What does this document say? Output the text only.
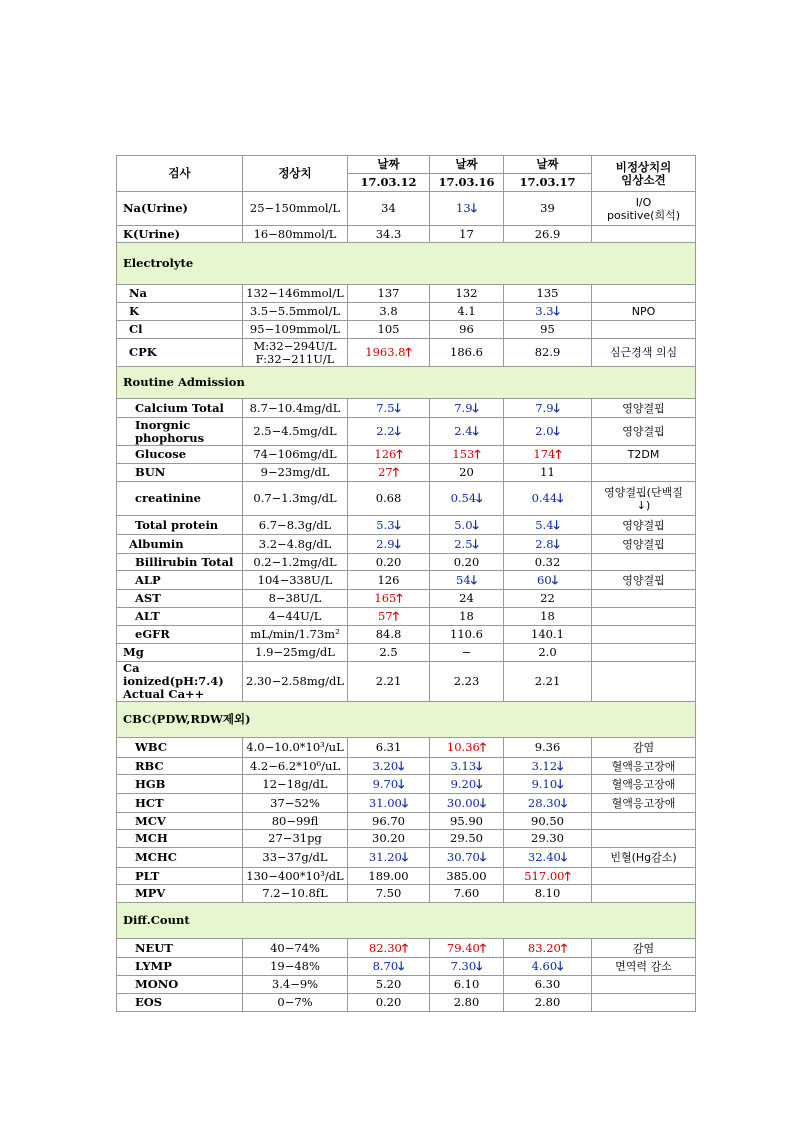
검사	정상치	날짜	날짜	날짜	비정상치의
임상소견
		17.03.12	17.03.16	17.03.17	
Na(Urine)	25−150mmol/L	34	13🡓	39	I/O
positive(희석)
K(Urine)	16−80mmol/L	34.3	17	26.9	
Electrolyte					
Na	132−146mmol/L	137	132	135	
K	3.5−5.5mmol/L	3.8	4.1	3.3🡓	NPO
Cl	95−109mmol/L	105	96	95	
CPK	M:32−294U/L
F:32−211U/L	1963.8🡑	186.6	82.9	심근경색 의심
Routine Admission					
Calcium Total	8.7−10.4mg/dL	7.5🡓	7.9🡓	7.9🡓	영양결핍
Inorgnic
phophorus	2.5−4.5mg/dL	2.2🡓	2.4🡓	2.0🡓	영양결핍
Glucose	74−106mg/dL	126🡑	153🡑	174🡑	T2DM
BUN	9−23mg/dL	27🡑	20	11	
creatinine	0.7−1.3mg/dL	0.68	0.54🡓	0.44🡓	영양결핍(단백질
↓)
Total protein	6.7−8.3g/dL	5.3🡓	5.0🡓	5.4🡓	영양결핍
Albumin	3.2−4.8g/dL	2.9🡓	2.5🡓	2.8🡓	영양결핍
Billirubin Total	0.2−1.2mg/dL	0.20	0.20	0.32	
ALP	104−338U/L	126	54🡓	60🡓	영양결핍
AST	8−38U/L	165🡑	24	22	
ALT	4−44U/L	57🡑	18	18	
eGFR	mL/min/1.73m²	84.8	110.6	140.1	
Mg	1.9−25mg/dL	2.5	−	2.0	
Ca ionized(pH:7.4)
Actual Ca++	2.30−2.58mg/dL	2.21	2.23	2.21	
CBC(PDW,RDW제외)					
WBC	4.0−10.0*10³/uL	6.31	10.36🡑	9.36	감염
RBC	4.2−6.2*10⁶/uL	3.20🡓	3.13🡓	3.12🡓	혈액응고장애
HGB	12−18g/dL	9.70🡓	9.20🡓	9.10🡓	혈액응고장애
HCT	37−52%	31.00🡓	30.00🡓	28.30🡓	혈액응고장애
MCV	80−99fl	96.70	95.90	90.50	
MCH	27−31pg	30.20	29.50	29.30	
MCHC	33−37g/dL	31.20🡓	30.70🡓	32.40🡓	빈혈(Hg감소)
PLT	130−400*10³/dL	189.00	385.00	517.00🡑	
MPV	7.2−10.8fL	7.50	7.60	8.10	
Diff.Count					
NEUT	40−74%	82.30🡑	79.40🡑	83.20🡑	감염
LYMP	19−48%	8.70🡓	7.30🡓	4.60🡓	면역력 감소
MONO	3.4−9%	5.20	6.10	6.30	
EOS	0−7%	0.20	2.80	2.80	
